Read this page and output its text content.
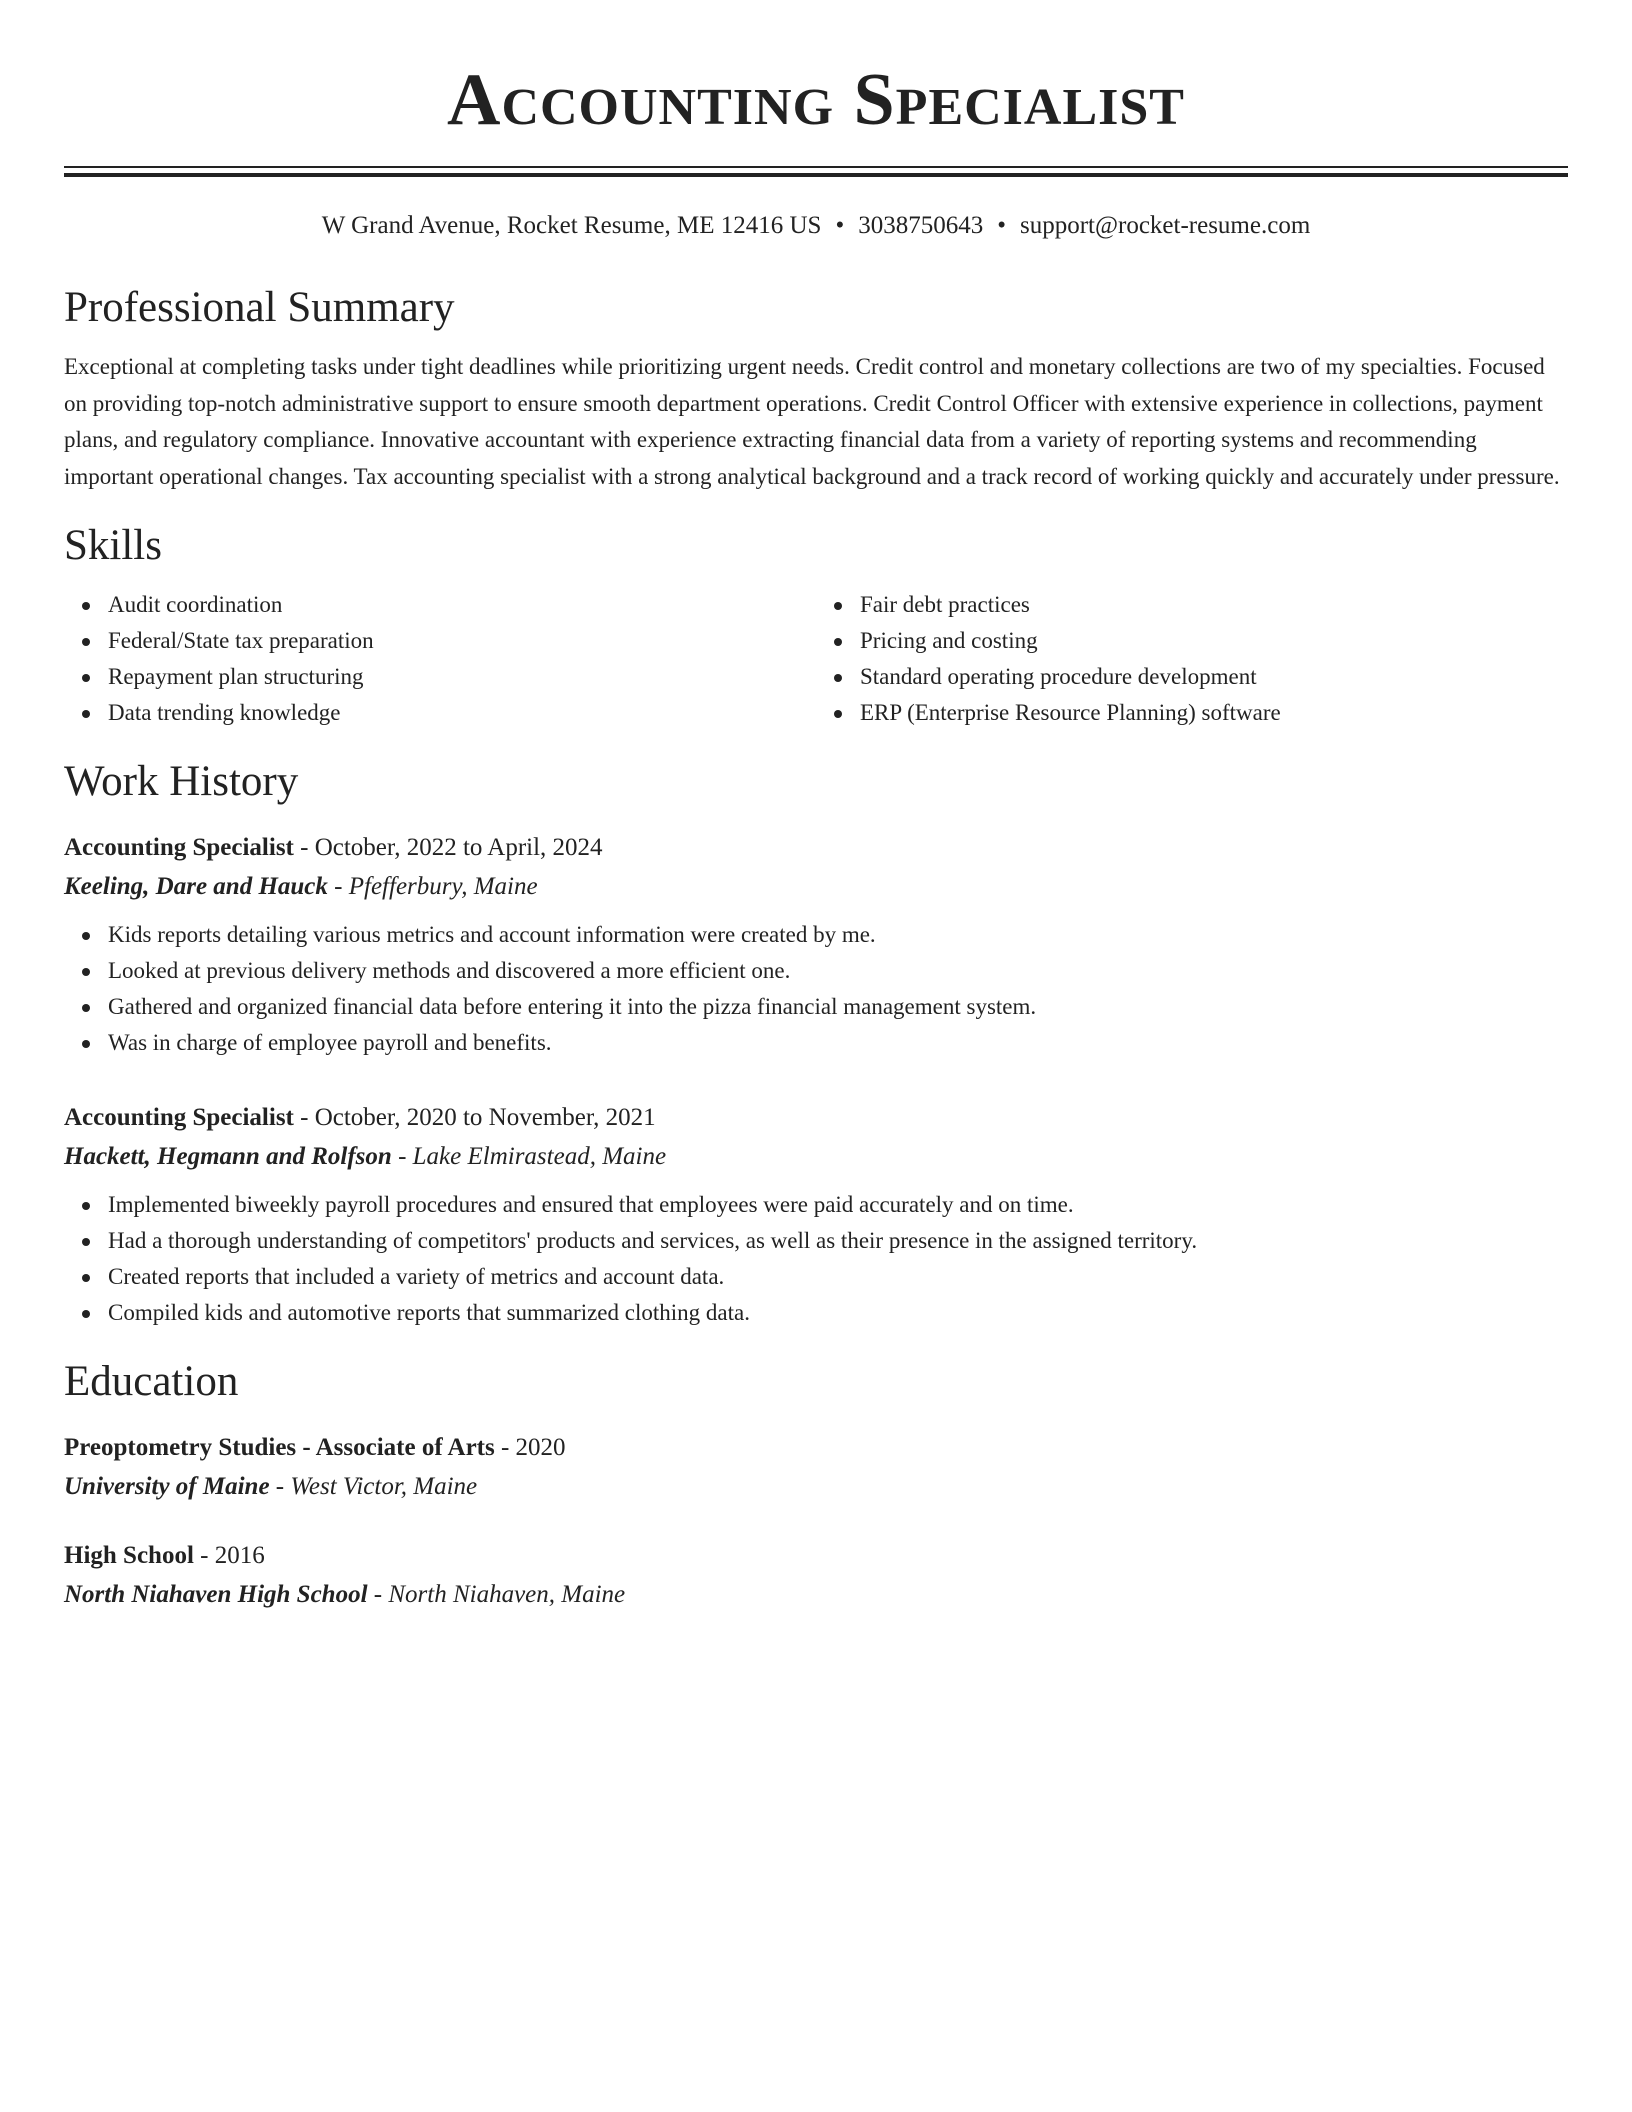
Accounting Specialist
W Grand Avenue, Rocket Resume, ME 12416 US • 3038750643 • support@rocket-resume.com
Professional Summary

Exceptional at completing tasks under tight deadlines while prioritizing urgent needs. Credit control and monetary collections are two of my specialties. Focused on providing top-notch administrative support to ensure smooth department operations. Credit Control Officer with extensive experience in collections, payment plans, and regulatory compliance. Innovative accountant with experience extracting financial data from a variety of reporting systems and recommending important operational changes. Tax accounting specialist with a strong analytical background and a track record of working quickly and accurately under pressure.

Skills
Audit coordination
Federal/State tax preparation
Repayment plan structuring
Data trending knowledge
Fair debt practices
Pricing and costing
Standard operating procedure development
ERP (Enterprise Resource Planning) software
Work History
Accounting Specialist - October, 2022 to April, 2024
Keeling, Dare and Hauck - Pfefferbury, Maine
Kids reports detailing various metrics and account information were created by me.
Looked at previous delivery methods and discovered a more efficient one.
Gathered and organized financial data before entering it into the pizza financial management system.
Was in charge of employee payroll and benefits.
Accounting Specialist - October, 2020 to November, 2021
Hackett, Hegmann and Rolfson - Lake Elmirastead, Maine
Implemented biweekly payroll procedures and ensured that employees were paid accurately and on time.
Had a thorough understanding of competitors' products and services, as well as their presence in the assigned territory.
Created reports that included a variety of metrics and account data.
Compiled kids and automotive reports that summarized clothing data.
Education
Preoptometry Studies - Associate of Arts - 2020
University of Maine - West Victor, Maine
High School - 2016
North Niahaven High School - North Niahaven, Maine
